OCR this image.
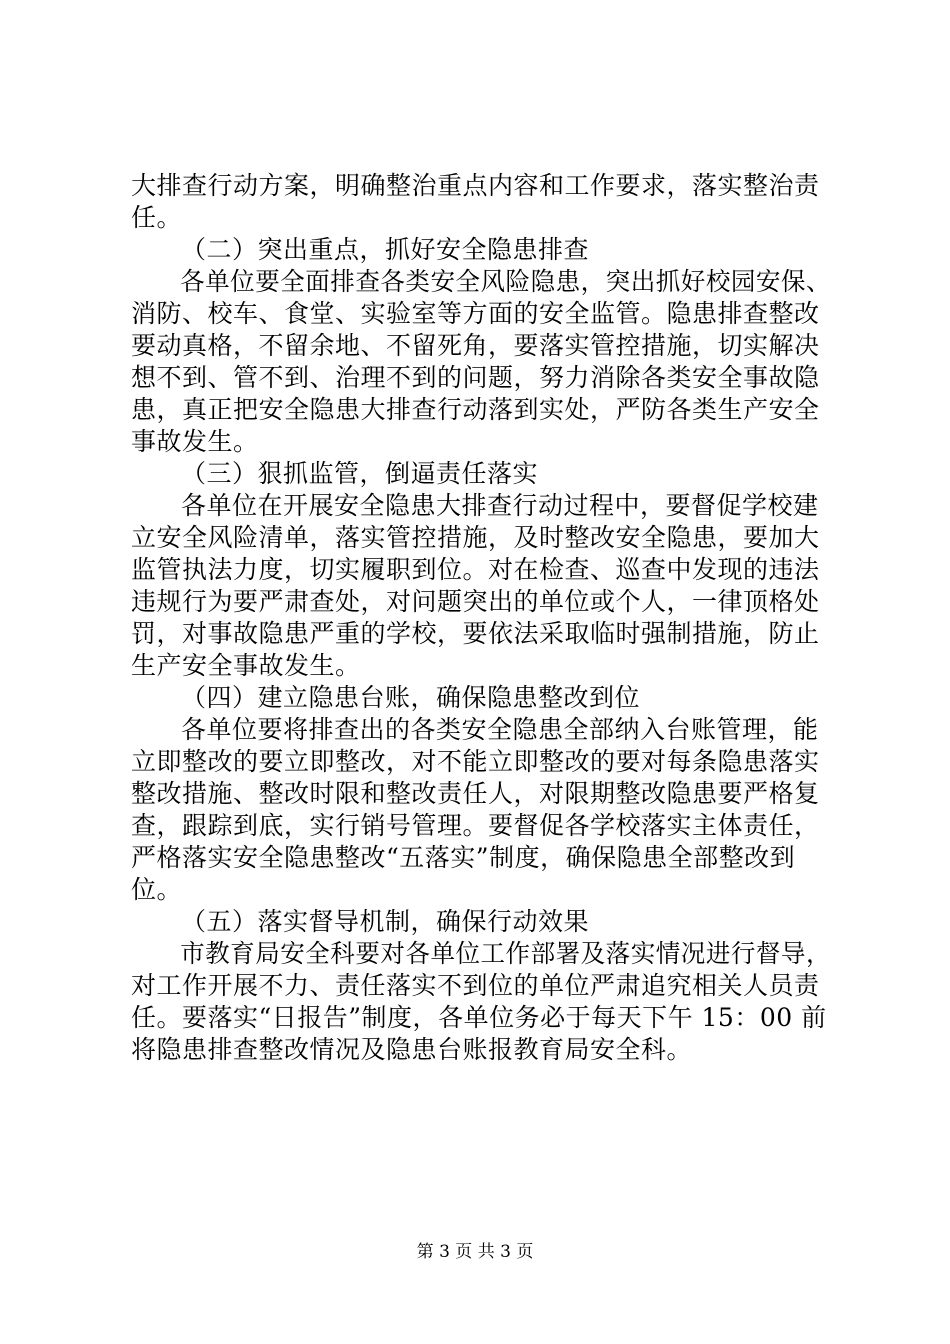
大排查行动方案，明确整治重点内容和工作要求，落实整治责

任。

（二）突出重点，抓好安全隐患排查

各单位要全面排查各类安全风险隐患，突出抓好校园安保、

消防、校车、食堂、实验室等方面的安全监管。隐患排查整改

要动真格，不留余地、不留死角，要落实管控措施，切实解决

想不到、管不到、治理不到的问题，努力消除各类安全事故隐

患，真正把安全隐患大排查行动落到实处，严防各类生产安全

事故发生。

（三）狠抓监管，倒逼责任落实

各单位在开展安全隐患大排查行动过程中，要督促学校建

立安全风险清单，落实管控措施，及时整改安全隐患，要加大

监管执法力度，切实履职到位。对在检查、巡查中发现的违法

违规行为要严肃查处，对问题突出的单位或个人，一律顶格处

罚，对事故隐患严重的学校，要依法采取临时强制措施，防止

生产安全事故发生。

（四）建立隐患台账，确保隐患整改到位

各单位要将排查出的各类安全隐患全部纳入台账管理，能

立即整改的要立即整改，对不能立即整改的要对每条隐患落实

整改措施、整改时限和整改责任人，对限期整改隐患要严格复

查，跟踪到底，实行销号管理。要督促各学校落实主体责任，

严格落实安全隐患整改“五落实”制度，确保隐患全部整改到

位。

（五）落实督导机制，确保行动效果

市教育局安全科要对各单位工作部署及落实情况进行督导，

对工作开展不力、责任落实不到位的单位严肃追究相关人员责

任。要落实“日报告”制度，各单位务必于每天下午 15：00 前

将隐患排查整改情况及隐患台账报教育局安全科。

第 3 页 共 3 页
